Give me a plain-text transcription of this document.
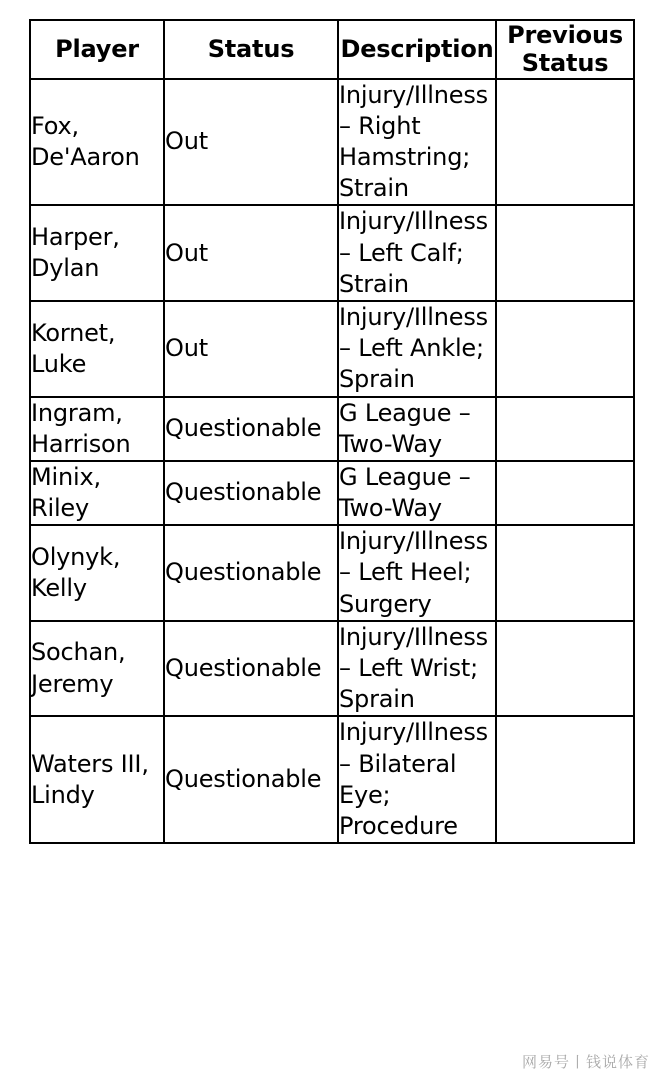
Player	Status	Description	Previous Status
Fox, De'Aaron	Out	Injury/Illness – Right Hamstring; Strain	
Harper, Dylan	Out	Injury/Illness – Left Calf; Strain	
Kornet, Luke	Out	Injury/Illness – Left Ankle; Sprain	
Ingram, Harrison	Questionable	G League – Two-Way	
Minix, Riley	Questionable	G League – Two-Way	
Olynyk, Kelly	Questionable	Injury/Illness – Left Heel; Surgery	
Sochan, Jeremy	Questionable	Injury/Illness – Left Wrist; Sprain	
Waters III, Lindy	Questionable	Injury/Illness – Bilateral Eye; Procedure	
网易号丨钱说体育
